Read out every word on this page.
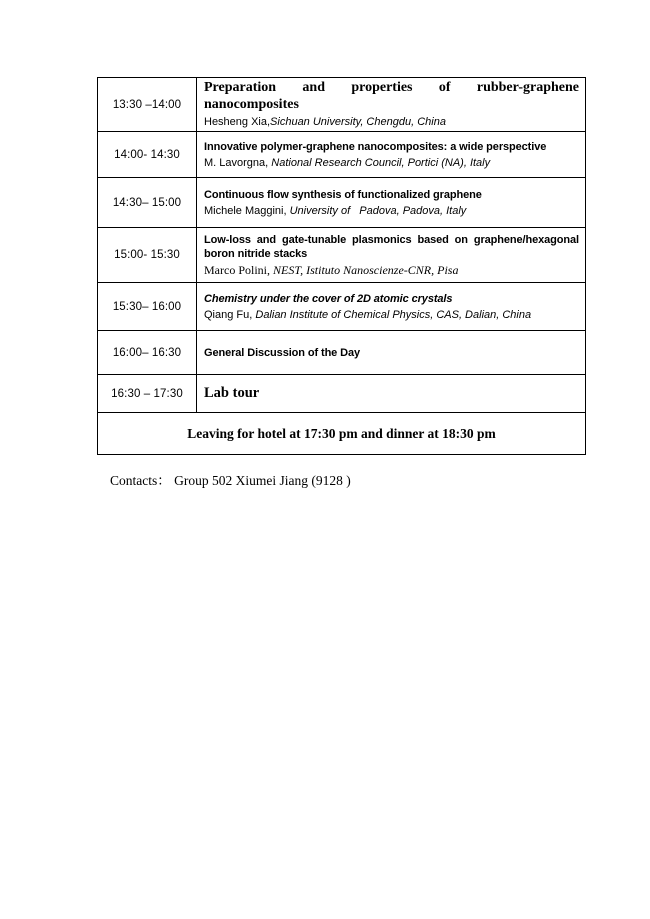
13:30 –14:00
Preparation and properties of rubber-graphene nanocomposites
Hesheng Xia,Sichuan University, Chengdu, China
14:00- 14:30
Innovative polymer-graphene nanocomposites: a wide perspective
M. Lavorgna, National Research Council, Portici (NA), Italy
14:30– 15:00
Continuous flow synthesis of functionalized graphene
Michele Maggini, University of   Padova, Padova, Italy
15:00- 15:30
Low-loss and gate-tunable plasmonics based on graphene/hexagonal boron nitride stacks
Marco Polini, NEST, Istituto Nanoscienze-CNR, Pisa
15:30– 16:00
Chemistry under the cover of 2D atomic crystals
Qiang Fu, Dalian Institute of Chemical Physics, CAS, Dalian, China
16:00– 16:30 General Discussion of the Day
16:30 – 17:30 Lab tour
Leaving for hotel at 17:30 pm and dinner at 18:30 pm
Contacts： Group 502 Xiumei Jiang (9128 )
